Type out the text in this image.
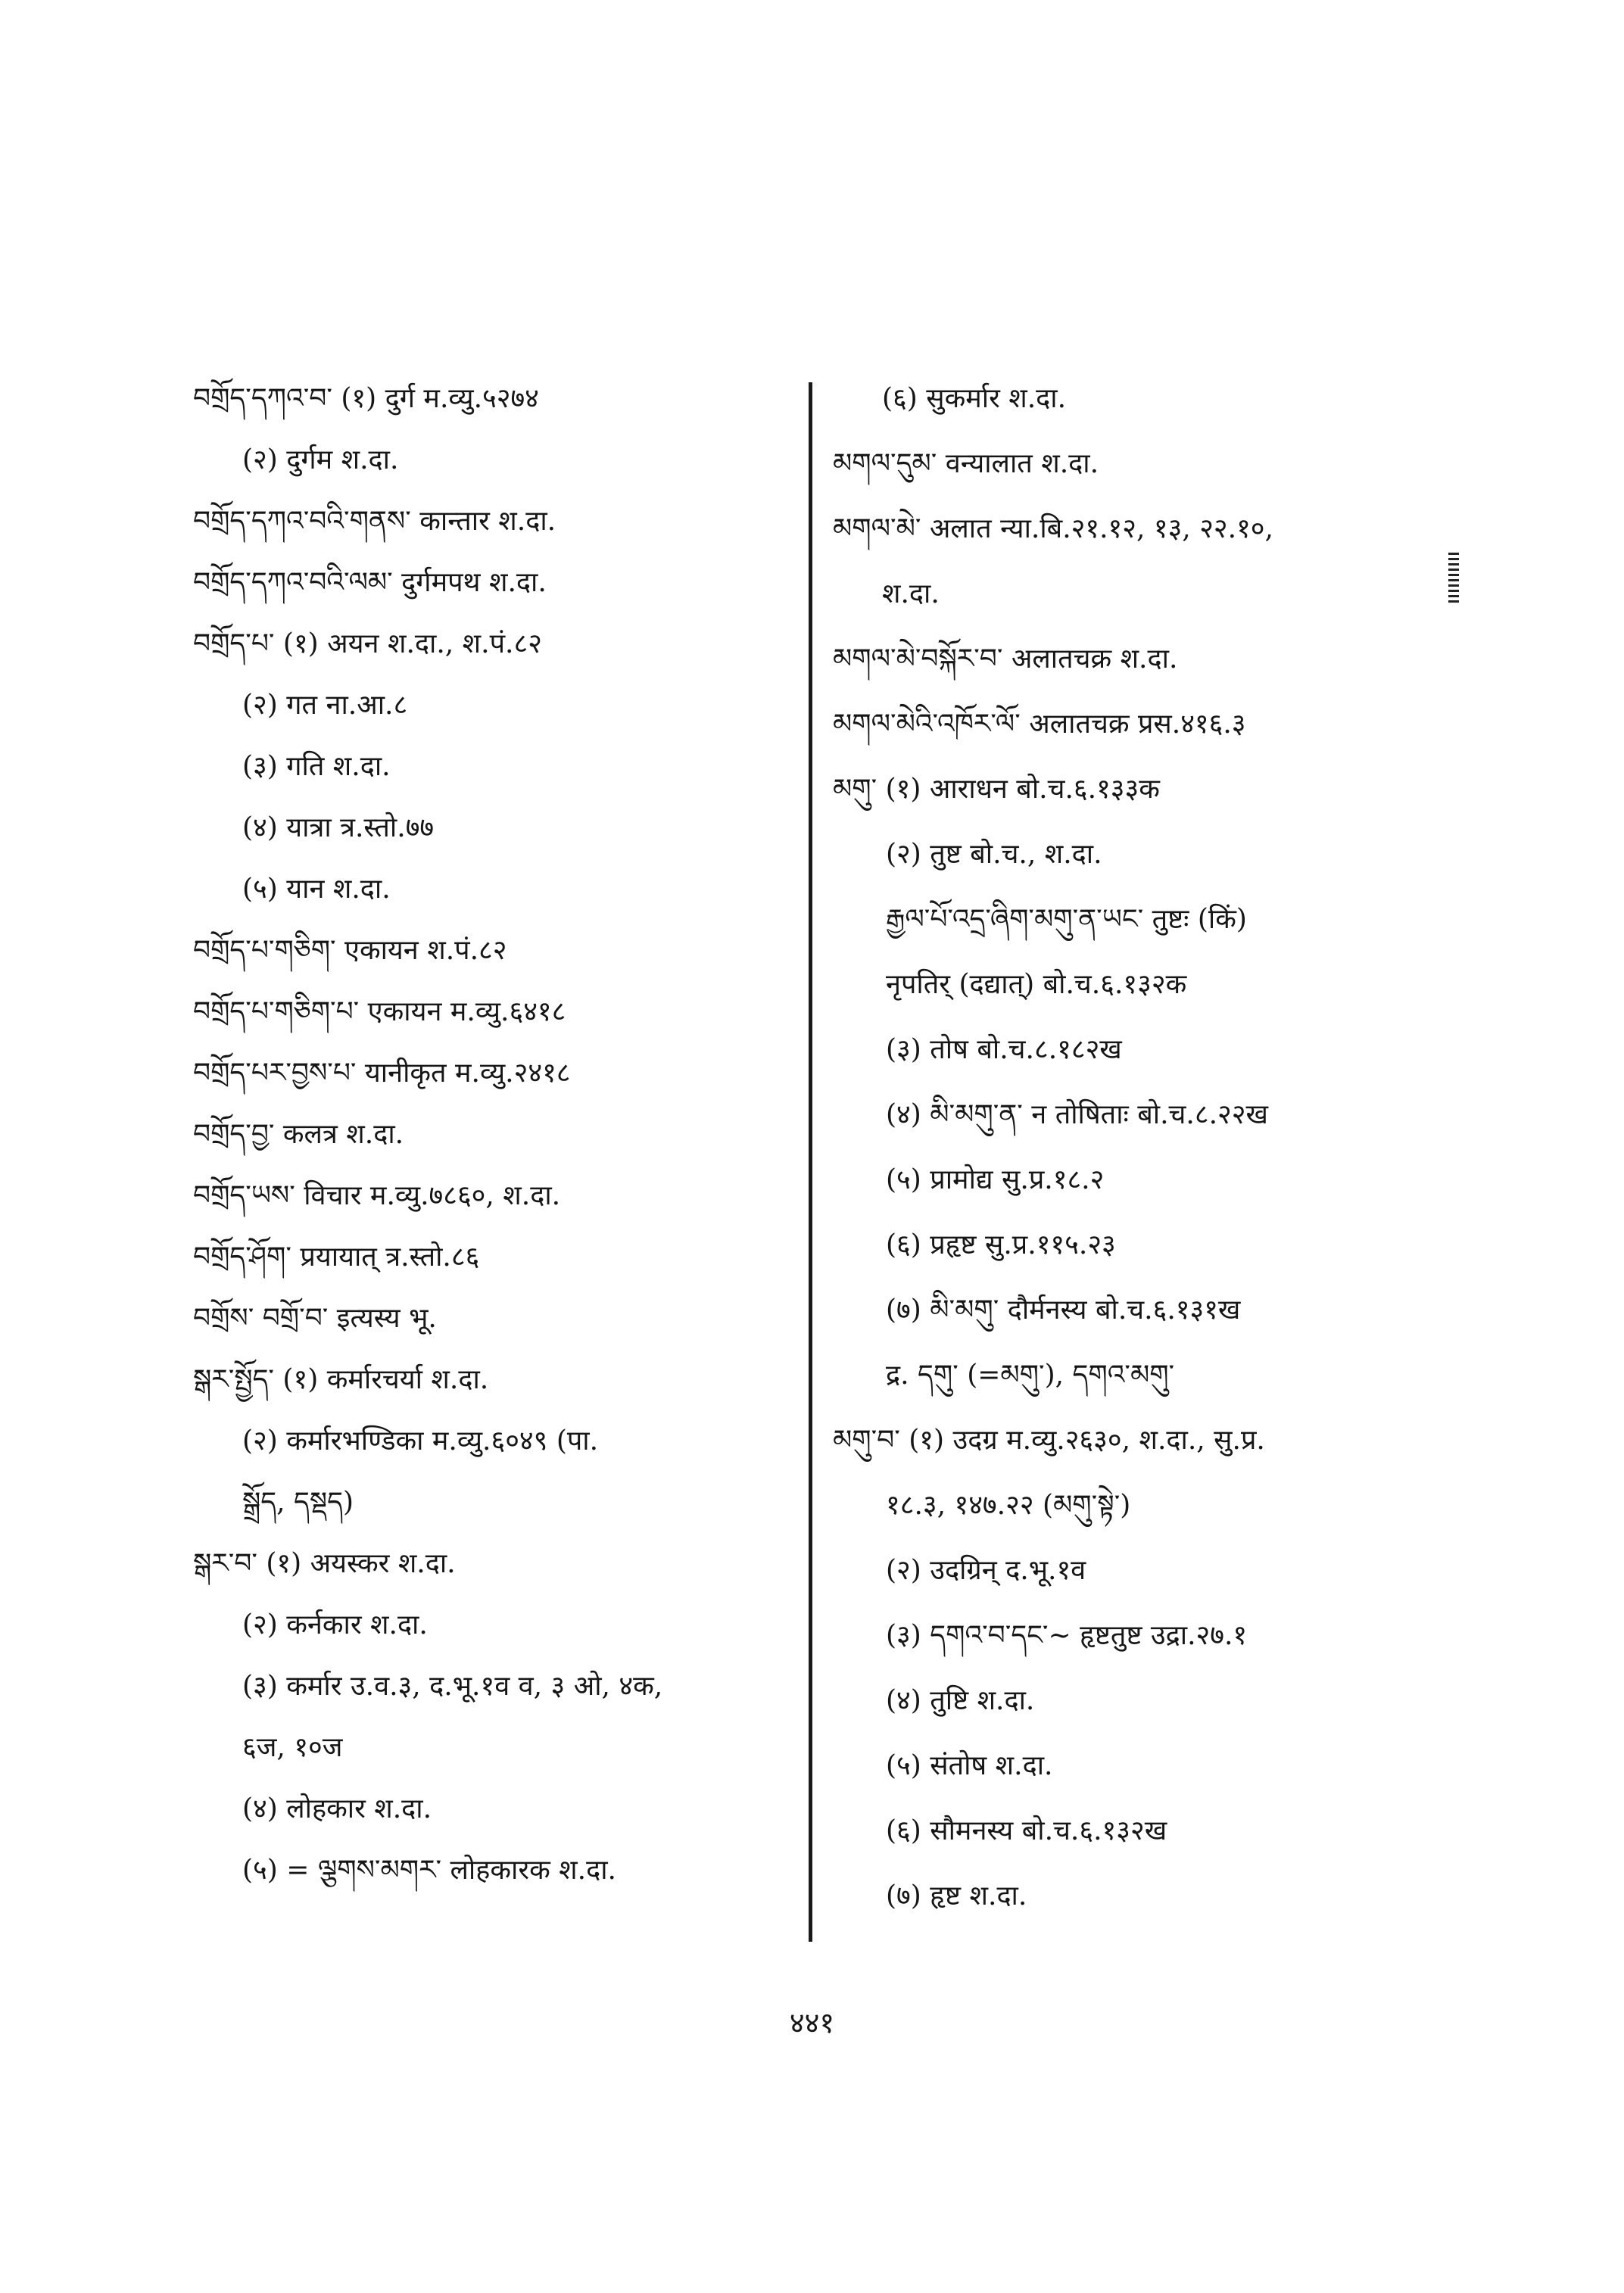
བགྲོད་དཀའ་བ་ (१) दुर्ग म.व्यु.५२७४
(२) दुर्गम श.दा.
བགྲོད་དཀའ་བའི་གནས་ कान्तार श.दा.
བགྲོད་དཀའ་བའི་ལམ་ दुर्गमपथ श.दा.
བགྲོད་པ་ (१) अयन श.दा., श.पं.८२
(२) गत ना.आ.८
(३) गति श.दा.
(४) यात्रा त्र.स्तो.७७
(५) यान श.दा.
བགྲོད་པ་གཅིག་ एकायन श.पं.८२
བགྲོད་པ་གཅིག་པ་ एकायन म.व्यु.६४१८
བགྲོད་པར་བྱས་པ་ यानीकृत म.व्यु.२४१८
བགྲོད་བྱ་ कलत्र श.दा.
བགྲོད་ཡས་ विचार म.व्यु.७८६०, श.दा.
བགྲོད་ཤོག་ प्रयायात् त्र.स्तो.८६
བགྲོས་ བགྲོ་བ་ इत्यस्य भू.
སྒར་སྤྱོད་ (१) कर्मारचर्या श.दा.
(२) कर्मारभण्डिका म.व्यु.६०४९ (पा.
སྒྲོད, དསྡད)
སྒར་བ་ (१) अयस्कर श.दा.
(२) कर्नकार श.दा.
(३) कर्मार उ.व.३, द.भू.१व व, ३ ओ, ४क,
६ज, १०ज
(४) लोहकार श.दा.
(५) = ལྕགས་མགར་ लोहकारक श.दा.
(६) सुकर्मार श.दा.
མགལ་དུམ་ वन्यालात श.दा.
མགལ་མེ་ अलात न्या.बि.२१.१२, १३, २२.१०,
श.दा.
མགལ་མེ་བསྐོར་བ་ अलातचक्र श.दा.
མགལ་མེའི་འཁོར་ལོ་ अलातचक्र प्रस.४१६.३
མགུ་ (१) आराधन बो.च.६.१३३क
(२) तुष्ट बो.च., श.दा.
རྒྱལ་པོ་འདྲ་ཞིག་མགུ་ན་ཡང་ तुष्टः (किं)
नृपतिर् (दद्यात्) बो.च.६.१३२क
(३) तोष बो.च.८.१८२ख
(४) མི་མགུ་ན་ न तोषिताः बो.च.८.२२ख
(५) प्रामोद्य सु.प्र.१८.२
(६) प्रहृष्ट सु.प्र.११५.२३
(७) མི་མགུ་ दौर्मनस्य बो.च.६.१३१ख
द्र. དགུ་ (=མགུ་), དགའ་མགུ་
མགུ་བ་ (१) उदग्र म.व्यु.२६३०, श.दा., सु.प्र.
१८.३, १४७.२२ (མགུ་སྟེ་)
(२) उदग्रिन् द.भू.१व
(३) དགའ་བ་དང་~ हृष्टतुष्ट उद्रा.२७.१
(४) तुष्टि श.दा.
(५) संतोष श.दा.
(६) सौमनस्य बो.च.६.१३२ख
(७) हृष्ट श.दा.
४४१
